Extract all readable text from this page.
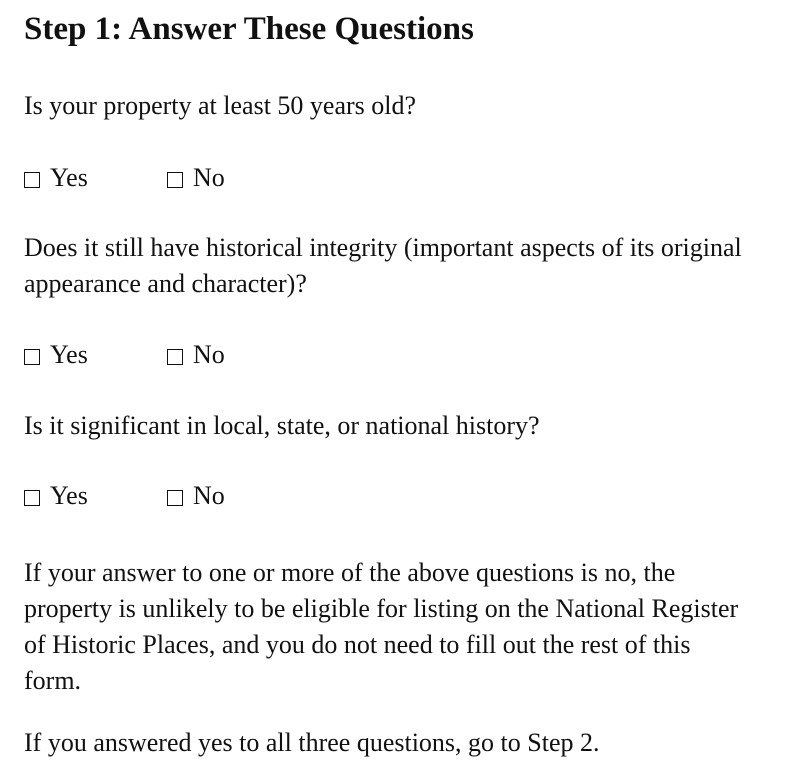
Step 1: Answer These Questions

Is your property at least 50 years old?

Yes	No

Does it still have historical integrity (important aspects of its original appearance and character)?

Yes	No

Is it significant in local, state, or national history?

Yes	No

If your answer to one or more of the above questions is no, the property is unlikely to be eligible for listing on the National Register of Historic Places, and you do not need to fill out the rest of this form.

If you answered yes to all three questions, go to Step 2.
